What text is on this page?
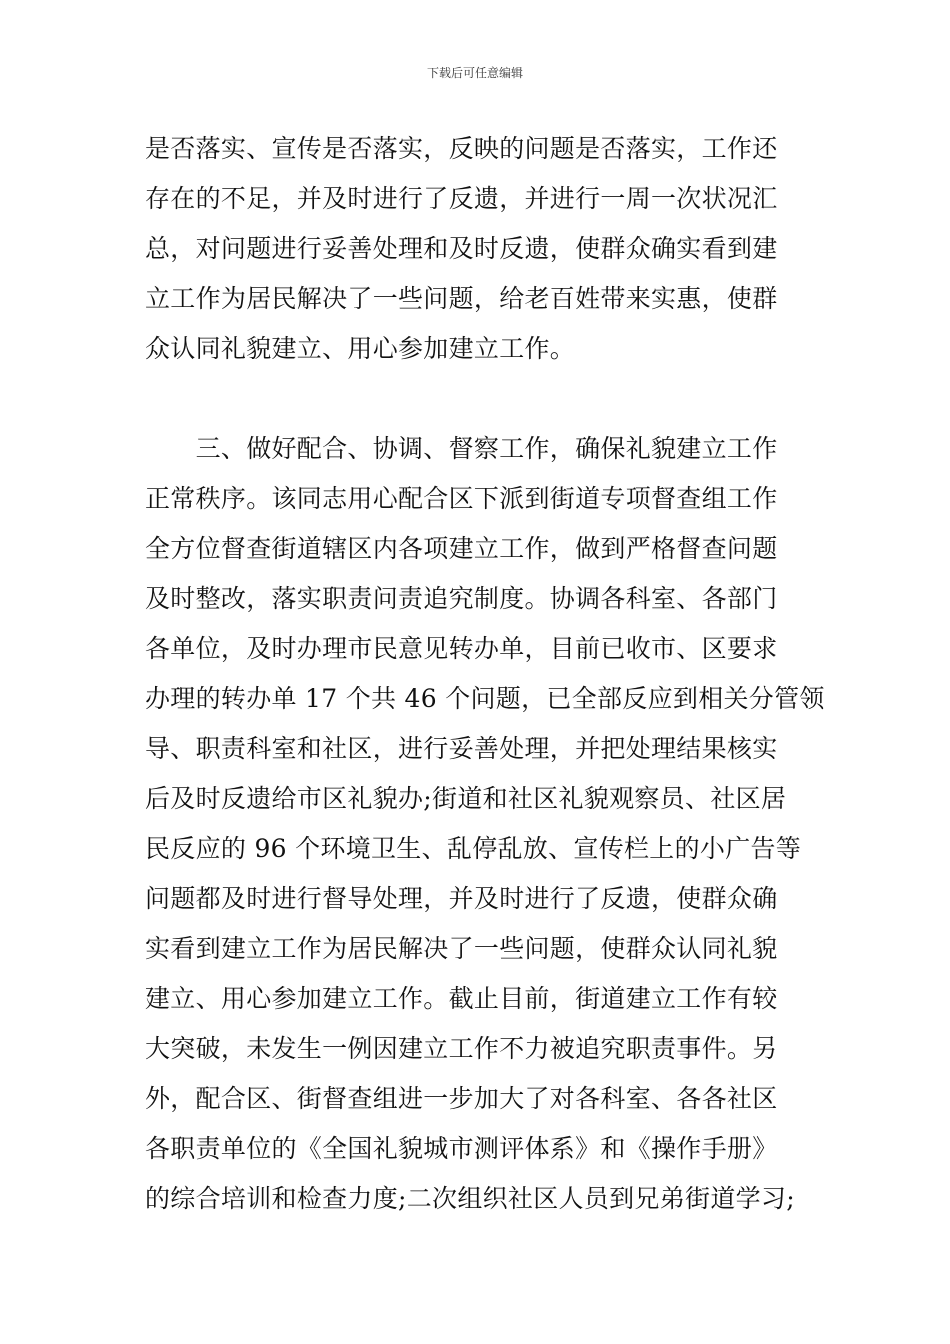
下载后可任意编辑
是否落实、宣传是否落实，反映的问题是否落实，工作还
存在的不足，并及时进行了反遗，并进行一周一次状况汇
总，对问题进行妥善处理和及时反遗，使群众确实看到建
立工作为居民解决了一些问题，给老百姓带来实惠，使群
众认同礼貌建立、用心参加建立工作。
　　三、做好配合、协调、督察工作，确保礼貌建立工作
正常秩序。该同志用心配合区下派到街道专项督查组工作
全方位督查街道辖区内各项建立工作，做到严格督查问题
及时整改，落实职责问责追究制度。协调各科室、各部门
各单位，及时办理市民意见转办单，目前已收市、区要求
办理的转办单 17 个共 46 个问题，已全部反应到相关分管领
导、职责科室和社区，进行妥善处理，并把处理结果核实
后及时反遗给市区礼貌办;街道和社区礼貌观察员、社区居
民反应的 96 个环境卫生、乱停乱放、宣传栏上的小广告等
问题都及时进行督导处理，并及时进行了反遗，使群众确
实看到建立工作为居民解决了一些问题，使群众认同礼貌
建立、用心参加建立工作。截止目前，街道建立工作有较
大突破，未发生一例因建立工作不力被追究职责事件。另
外，配合区、街督查组进一步加大了对各科室、各各社区
各职责单位的《全国礼貌城市测评体系》和《操作手册》
的综合培训和检查力度;二次组织社区人员到兄弟街道学习;
